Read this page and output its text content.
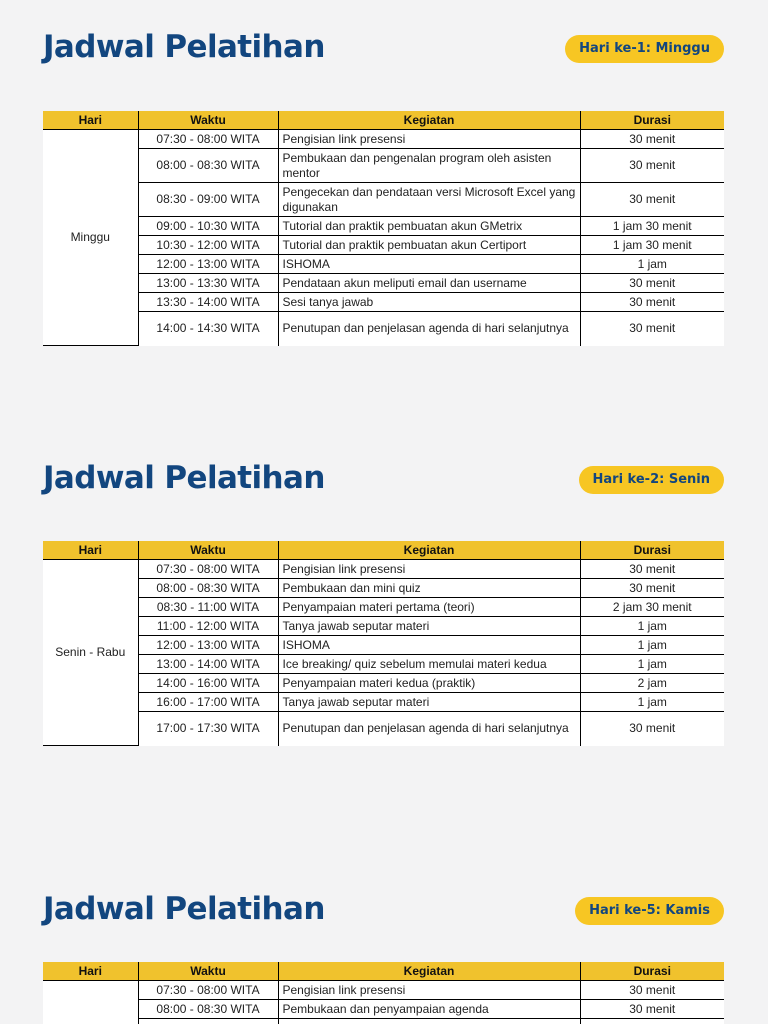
Jadwal Pelatihan	Hari ke-1: Minggu
Hari	Waktu	Kegiatan	Durasi
Minggu	07:30 - 08:00 WITA	Pengisian link presensi	30 menit
	08:00 - 08:30 WITA	Pembukaan dan pengenalan program oleh asisten mentor	30 menit
	08:30 - 09:00 WITA	Pengecekan dan pendataan versi Microsoft Excel yang digunakan	30 menit
	09:00 - 10:30 WITA	Tutorial dan praktik pembuatan akun GMetrix	1 jam 30 menit
	10:30 - 12:00 WITA	Tutorial dan praktik pembuatan akun Certiport	1 jam 30 menit
	12:00 - 13:00 WITA	ISHOMA	1 jam
	13:00 - 13:30 WITA	Pendataan akun meliputi email dan username	30 menit
	13:30 - 14:00 WITA	Sesi tanya jawab	30 menit
	14:00 - 14:30 WITA	Penutupan dan penjelasan agenda di hari selanjutnya	30 menit
Jadwal Pelatihan	Hari ke-2: Senin
Hari	Waktu	Kegiatan	Durasi
Senin - Rabu	07:30 - 08:00 WITA	Pengisian link presensi	30 menit
	08:00 - 08:30 WITA	Pembukaan dan mini quiz	30 menit
	08:30 - 11:00 WITA	Penyampaian materi pertama (teori)	2 jam 30 menit
	11:00 - 12:00 WITA	Tanya jawab seputar materi	1 jam
	12:00 - 13:00 WITA	ISHOMA	1 jam
	13:00 - 14:00 WITA	Ice breaking/ quiz sebelum memulai materi kedua	1 jam
	14:00 - 16:00 WITA	Penyampaian materi kedua (praktik)	2 jam
	16:00 - 17:00 WITA	Tanya jawab seputar materi	1 jam
	17:00 - 17:30 WITA	Penutupan dan penjelasan agenda di hari selanjutnya	30 menit
Jadwal Pelatihan	Hari ke-5: Kamis
Hari	Waktu	Kegiatan	Durasi
	07:30 - 08:00 WITA	Pengisian link presensi	30 menit
	08:00 - 08:30 WITA	Pembukaan dan penyampaian agenda	30 menit
